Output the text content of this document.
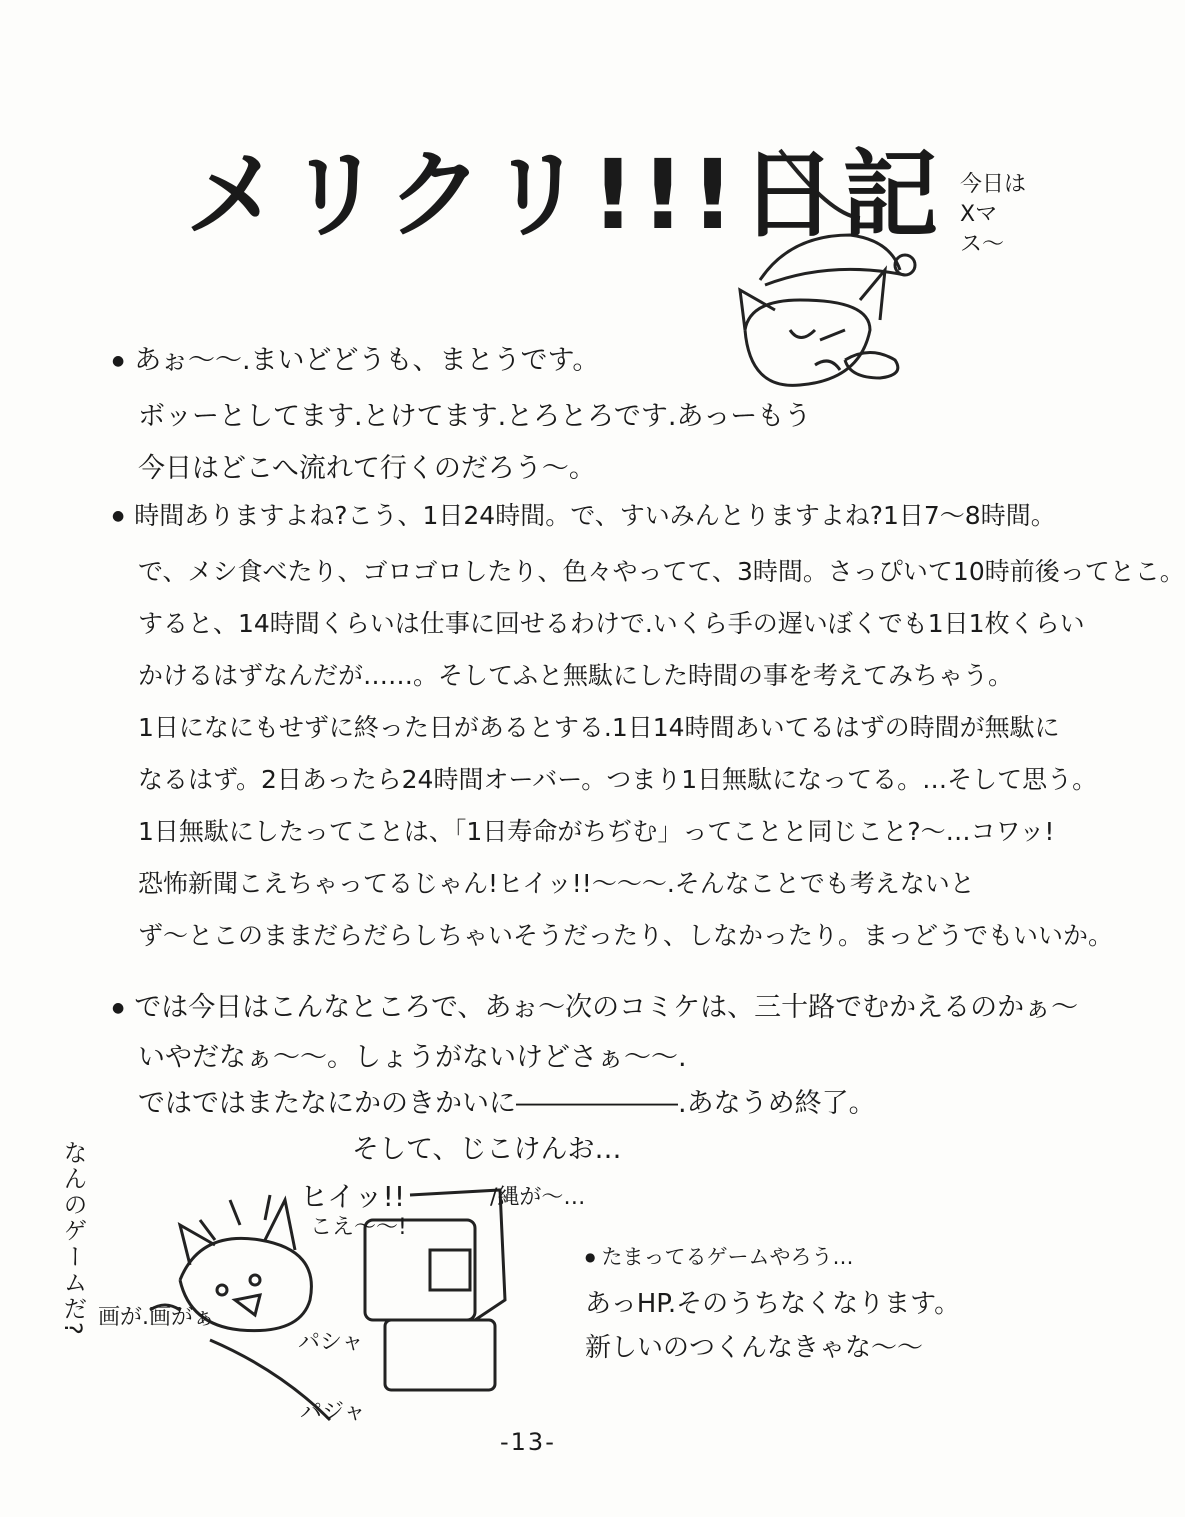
メリクリ!!!日記 今日は
Xマス〜
● あぉ〜〜.まいどどうも、まとうです。
ボッーとしてます.とけてます.とろとろです.あっーもう
今日はどこへ流れて行くのだろう〜。
● 時間ありますよね?こう、1日24時間。で、すいみんとりますよね?1日7〜8時間。
で、メシ食べたり、ゴロゴロしたり、色々やってて、3時間。さっぴいて10時前後ってとこ。
すると、14時間くらいは仕事に回せるわけで.いくら手の遅いぼくでも1日1枚くらい
かけるはずなんだが……。そしてふと無駄にした時間の事を考えてみちゃう。
1日になにもせずに終った日があるとする.1日14時間あいてるはずの時間が無駄に
なるはず。2日あったら24時間オーバー。つまり1日無駄になってる。…そして思う。
1日無駄にしたってことは、「1日寿命がちぢむ」ってことと同じこと?〜…コワッ!
恐怖新聞こえちゃってるじゃん!ヒイッ!!〜〜〜.そんなことでも考えないと
ず〜とこのままだらだらしちゃいそうだったり、しなかったり。まっどうでもいいか。
● では今日はこんなところで、あぉ〜次のコミケは、三十路でむかえるのかぁ〜
いやだなぁ〜〜。しょうがないけどさぁ〜〜.
ではではまたなにかのきかいに――――――.あなうめ終了。
そして、じこけんお…
なんのゲームだ?	ヒイッ!!
こえ〜〜!
/縄が〜…
画が.画がぁ
パシャ
パジャ
● たまってるゲームやろう…
あっHP.そのうちなくなります。
新しいのつくんなきゃな〜〜
-13-
